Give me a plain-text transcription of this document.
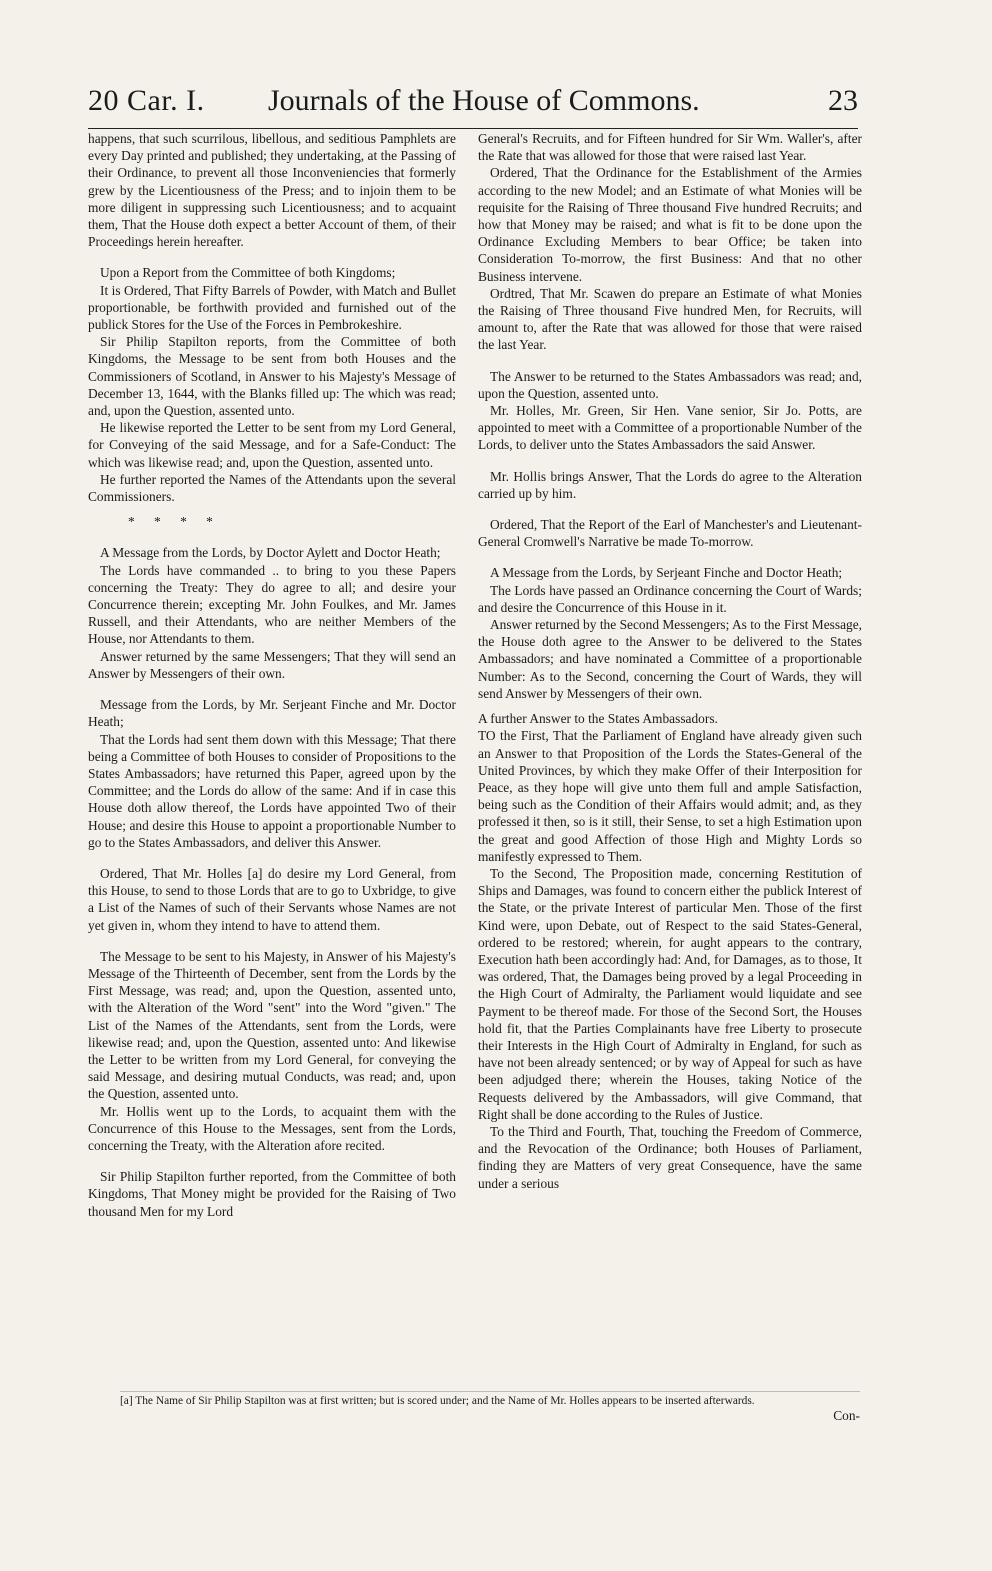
20 Car. I. Journals of the House of Commons.	23

happens, that such scurrilous, libellous, and seditious Pamphlets are every Day printed and published; they undertaking, at the Passing of their Ordinance, to prevent all those Inconveniencies that formerly grew by the Licentiousness of the Press; and to injoin them to be more diligent in suppressing such Licentiousness; and to acquaint them, That the House doth expect a better Account of them, of their Proceedings herein hereafter.

Upon a Report from the Committee of both Kingdoms;

It is Ordered, That Fifty Barrels of Powder, with Match and Bullet proportionable, be forthwith provided and furnished out of the publick Stores for the Use of the Forces in Pembrokeshire.

Sir Philip Stapilton reports, from the Committee of both Kingdoms, the Message to be sent from both Houses and the Commissioners of Scotland, in Answer to his Majesty's Message of December 13, 1644, with the Blanks filled up: The which was read; and, upon the Question, assented unto.

He likewise reported the Letter to be sent from my Lord General, for Conveying of the said Message, and for a Safe-Conduct: The which was likewise read; and, upon the Question, assented unto.

He further reported the Names of the Attendants upon the several Commissioners.

* * * *

A Message from the Lords, by Doctor Aylett and Doctor Heath;

The Lords have commanded .. to bring to you these Papers concerning the Treaty: They do agree to all; and desire your Concurrence therein; excepting Mr. John Foulkes, and Mr. James Russell, and their Attendants, who are neither Members of the House, nor Attendants to them.

Answer returned by the same Messengers; That they will send an Answer by Messengers of their own.

Message from the Lords, by Mr. Serjeant Finche and Mr. Doctor Heath;

That the Lords had sent them down with this Message; That there being a Committee of both Houses to consider of Propositions to the States Ambassadors; have returned this Paper, agreed upon by the Committee; and the Lords do allow of the same: And if in case this House doth allow thereof, the Lords have appointed Two of their House; and desire this House to appoint a proportionable Number to go to the States Ambassadors, and deliver this Answer.

Ordered, That Mr. Holles [a] do desire my Lord General, from this House, to send to those Lords that are to go to Uxbridge, to give a List of the Names of such of their Servants whose Names are not yet given in, whom they intend to have to attend them.

The Message to be sent to his Majesty, in Answer of his Majesty's Message of the Thirteenth of December, sent from the Lords by the First Message, was read; and, upon the Question, assented unto, with the Alteration of the Word "sent" into the Word "given." The List of the Names of the Attendants, sent from the Lords, were likewise read; and, upon the Question, assented unto: And likewise the Letter to be written from my Lord General, for conveying the said Message, and desiring mutual Conducts, was read; and, upon the Question, assented unto.

Mr. Hollis went up to the Lords, to acquaint them with the Concurrence of this House to the Messages, sent from the Lords, concerning the Treaty, with the Alteration afore recited.

Sir Philip Stapilton further reported, from the Committee of both Kingdoms, That Money might be provided for the Raising of Two thousand Men for my Lord

General's Recruits, and for Fifteen hundred for Sir Wm. Waller's, after the Rate that was allowed for those that were raised last Year.

Ordered, That the Ordinance for the Establishment of the Armies according to the new Model; and an Estimate of what Monies will be requisite for the Raising of Three thousand Five hundred Recruits; and how that Money may be raised; and what is fit to be done upon the Ordinance Excluding Members to bear Office; be taken into Consideration To-morrow, the first Business: And that no other Business intervene.

Ordtred, That Mr. Scawen do prepare an Estimate of what Monies the Raising of Three thousand Five hundred Men, for Recruits, will amount to, after the Rate that was allowed for those that were raised the last Year.

The Answer to be returned to the States Ambassadors was read; and, upon the Question, assented unto.

Mr. Holles, Mr. Green, Sir Hen. Vane senior, Sir Jo. Potts, are appointed to meet with a Committee of a proportionable Number of the Lords, to deliver unto the States Ambassadors the said Answer.

Mr. Hollis brings Answer, That the Lords do agree to the Alteration carried up by him.

Ordered, That the Report of the Earl of Manchester's and Lieutenant-General Cromwell's Narrative be made To-morrow.

A Message from the Lords, by Serjeant Finche and Doctor Heath;

The Lords have passed an Ordinance concerning the Court of Wards; and desire the Concurrence of this House in it.

Answer returned by the Second Messengers; As to the First Message, the House doth agree to the Answer to be delivered to the States Ambassadors; and have nominated a Committee of a proportionable Number: As to the Second, concerning the Court of Wards, they will send Answer by Messengers of their own.

A further Answer to the States Ambassadors.

TO the First, That the Parliament of England have already given such an Answer to that Proposition of the Lords the States-General of the United Provinces, by which they make Offer of their Interposition for Peace, as they hope will give unto them full and ample Satisfaction, being such as the Condition of their Affairs would admit; and, as they professed it then, so is it still, their Sense, to set a high Estimation upon the great and good Affection of those High and Mighty Lords so manifestly expressed to Them.

To the Second, The Proposition made, concerning Restitution of Ships and Damages, was found to concern either the publick Interest of the State, or the private Interest of particular Men. Those of the first Kind were, upon Debate, out of Respect to the said States-General, ordered to be restored; wherein, for aught appears to the contrary, Execution hath been accordingly had: And, for Damages, as to those, It was ordered, That, the Damages being proved by a legal Proceeding in the High Court of Admiralty, the Parliament would liquidate and see Payment to be thereof made. For those of the Second Sort, the Houses hold fit, that the Parties Complainants have free Liberty to prosecute their Interests in the High Court of Admiralty in England, for such as have not been already sentenced; or by way of Appeal for such as have been adjudged there; wherein the Houses, taking Notice of the Requests delivered by the Ambassadors, will give Command, that Right shall be done according to the Rules of Justice.

To the Third and Fourth, That, touching the Freedom of Commerce, and the Revocation of the Ordinance; both Houses of Parliament, finding they are Matters of very great Consequence, have the same under a serious

[a] The Name of Sir Philip Stapilton was at first written; but is scored under; and the Name of Mr. Holles appears to be inserted afterwards.
Con-
